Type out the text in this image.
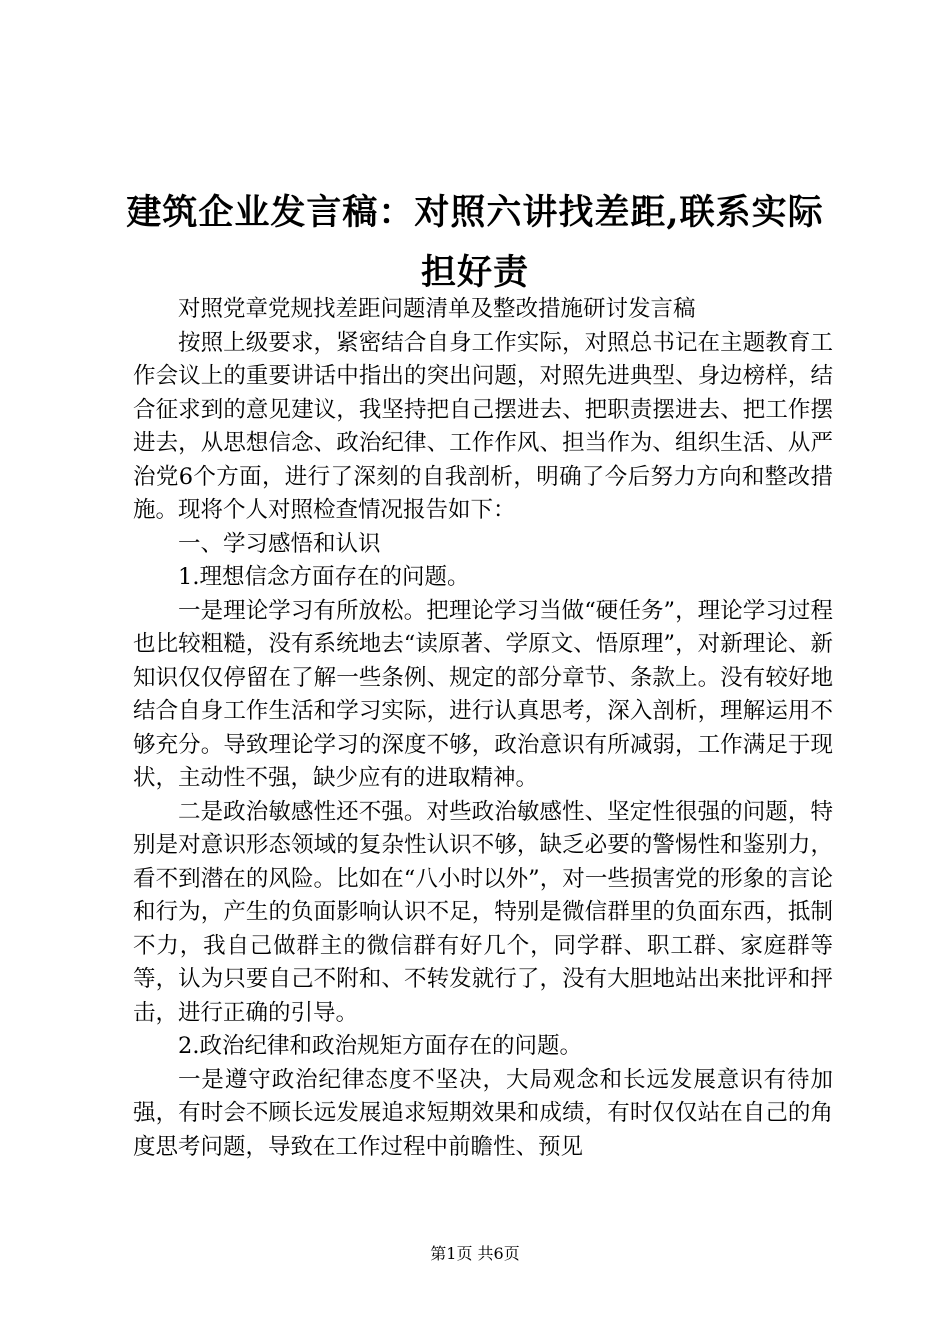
建筑企业发言稿：对照六讲找差距,联系实际
担好责

对照党章党规找差距问题清单及整改措施研讨发言稿

按照上级要求，紧密结合自身工作实际，对照总书记在主题教育工作会议上的重要讲话中指出的突出问题，对照先进典型、身边榜样，结合征求到的意见建议，我坚持把自己摆进去、把职责摆进去、把工作摆进去，从思想信念、政治纪律、工作作风、担当作为、组织生活、从严治党6个方面，进行了深刻的自我剖析，明确了今后努力方向和整改措施。现将个人对照检查情况报告如下：

一、学习感悟和认识

1.理想信念方面存在的问题。

一是理论学习有所放松。把理论学习当做“硬任务”，理论学习过程也比较粗糙，没有系统地去“读原著、学原文、悟原理”，对新理论、新知识仅仅停留在了解一些条例、规定的部分章节、条款上。没有较好地结合自身工作生活和学习实际，进行认真思考，深入剖析，理解运用不够充分。导致理论学习的深度不够，政治意识有所减弱，工作满足于现状，主动性不强，缺少应有的进取精神。

二是政治敏感性还不强。对些政治敏感性、坚定性很强的问题，特别是对意识形态领域的复杂性认识不够，缺乏必要的警惕性和鉴别力，看不到潜在的风险。比如在“八小时以外”，对一些损害党的形象的言论和行为，产生的负面影响认识不足，特别是微信群里的负面东西，抵制不力，我自己做群主的微信群有好几个，同学群、职工群、家庭群等等，认为只要自己不附和、不转发就行了，没有大胆地站出来批评和抨击，进行正确的引导。

2.政治纪律和政治规矩方面存在的问题。

一是遵守政治纪律态度不坚决，大局观念和长远发展意识有待加强，有时会不顾长远发展追求短期效果和成绩，有时仅仅站在自己的角度思考问题，导致在工作过程中前瞻性、预见

第1页 共6页
